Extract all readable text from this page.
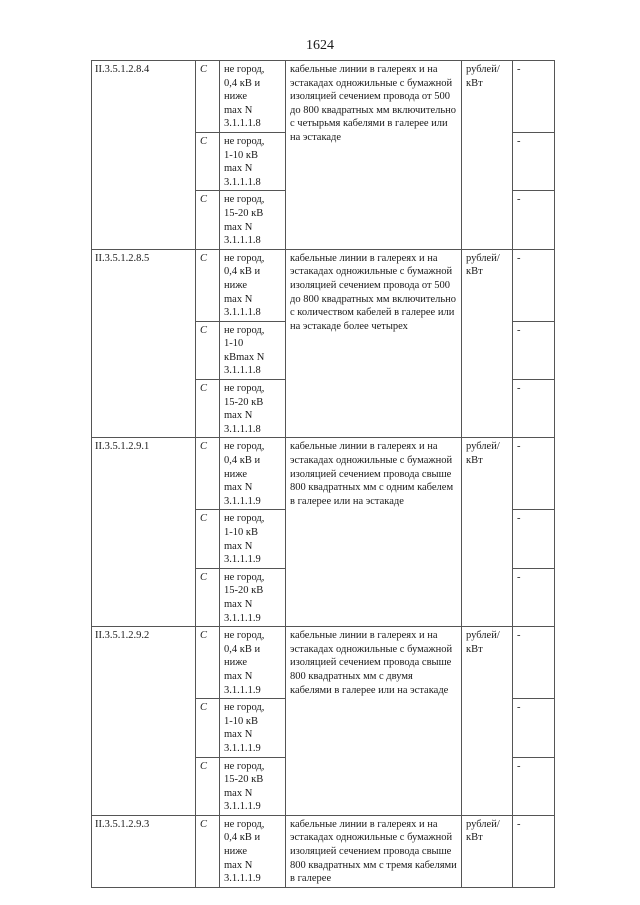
1624
II.3.5.1.2.8.4	С	не город,
0,4 кВ и
ниже
max N
3.1.1.1.8	кабельные линии в галереях и на эстакадах одножильные с бумажной изоляцией сечением провода от 500 до 800 квадратных мм включительно с четырьмя кабелями в галерее или на эстакаде	рублей/ кВт	-
	С	не город,
1-10 кВ
max N
3.1.1.1.8			-
	С	не город,
15-20 кВ
max N
3.1.1.1.8			-
II.3.5.1.2.8.5	С	не город,
0,4 кВ и
ниже
max N
3.1.1.1.8	кабельные линии в галереях и на эстакадах одножильные с бумажной изоляцией сечением провода от 500 до 800 квадратных мм включительно с количеством кабелей в галерее или на эстакаде более четырех	рублей/ кВт	-
	С	не город,
1-10
кВmax N
3.1.1.1.8			-
	С	не город,
15-20 кВ
max N
3.1.1.1.8			-
II.3.5.1.2.9.1	С	не город,
0,4 кВ и
ниже
max N
3.1.1.1.9	кабельные линии в галереях и на эстакадах одножильные с бумажной изоляцией сечением провода свыше 800 квадратных мм с одним кабелем в галерее или на эстакаде	рублей/ кВт	-
	С	не город,
1-10 кВ
max N
3.1.1.1.9			-
	С	не город,
15-20 кВ
max N
3.1.1.1.9			-
II.3.5.1.2.9.2	С	не город,
0,4 кВ и
ниже
max N
3.1.1.1.9	кабельные линии в галереях и на эстакадах одножильные с бумажной изоляцией сечением провода свыше 800 квадратных мм с двумя кабелями в галерее или на эстакаде	рублей/ кВт	-
	С	не город,
1-10 кВ
max N
3.1.1.1.9			-
	С	не город,
15-20 кВ
max N
3.1.1.1.9			-
II.3.5.1.2.9.3	С	не город,
0,4 кВ и
ниже
max N
3.1.1.1.9	кабельные линии в галереях и на эстакадах одножильные с бумажной изоляцией сечением провода свыше 800 квадратных мм с тремя кабелями в галерее	рублей/ кВт	-
